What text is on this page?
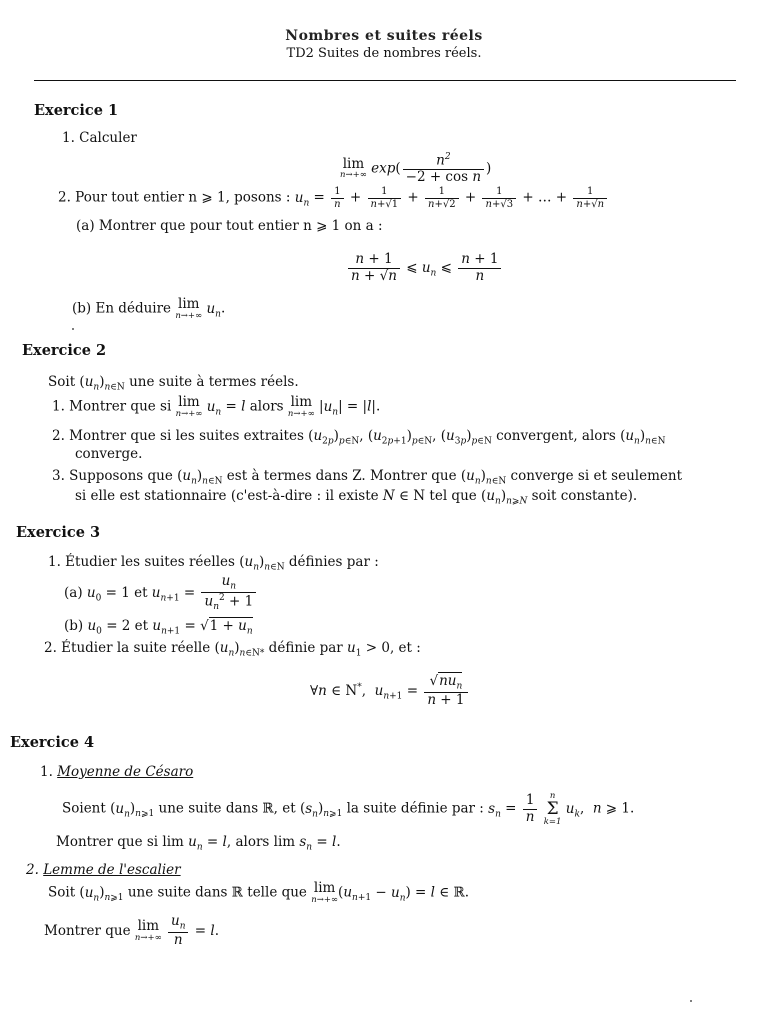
Nombres et suites réels
TD2 Suites de nombres réels.
Exercice 1
1. Calculer
lim
n→+∞ $\exp( \frac{n^2}{\text{−2 + cos n}}$ )
2. Pour tout entier n ⩾ 1, posons : $u_n = \frac{1}{n} + \frac{1}{n+√1} + \frac{1}{n+√2} + \frac{1}{n+√3}$ + … + $\frac{1}{n+√n}$
(a) Montrer que pour tout entier n ⩾ 1 on a :
$\frac{n + 1}{n + √n}$ ⩽ $u_n$ ⩽ $\frac{n + 1}{n}$
(b) En déduire lim
n→+∞ $u_n$.
Exercice 2
Soit $(u_n)_{n\in N}$ une suite à termes réels.
1. Montrer que si lim
n→+∞ $u_n = l$ alors lim
n→+∞ $|u_n| = |l|$.
2. Montrer que si les suites extraites $(u_{2p})_{p\in N}$, $(u_{2p+1})_{p\in N}$, $(u_{3p})_{p\in N}$ convergent, alors $(u_n)_{n\in N}$
converge.
3. Supposons que $(u_n)_{n\in N}$ est à termes dans Z. Montrer que $(u_n)_{n\in N}$ converge si et seulement
si elle est stationnaire (c'est-à-dire : il existe N ∈ N tel que $(u_n)_{n⩾N}$ soit constante).
Exercice 3
1. Étudier les suites réelles $(u_n)_{n\in N}$ définies par :
(a) $u_0 = 1$ et $u_{n+1} = \frac{u_n}{u_n^2 + 1}$
(b) $u_0 = 2$ et $u_{n+1} = √1 + u_n$
2. Étudier la suite réelle $(u_n)_{n\in N*}$ définie par $u_1 > 0$, et :
∀n ∈ N*,  $u_{n+1} = \frac{√nu_n}{n + 1}$
Exercice 4
1. Moyenne de Césaro
Soient $(u_n)_{n⩾1}$ une suite dans ℝ, et $(s_n)_{n⩾1}$ la suite définie par : $s_n = \frac{1}{n}$
	n
Σ
k=1
$u_k$,  n ⩾ 1.
Montrer que si $\lim u_n = l$, alors $\lim s_n = l$.
2. Lemme de l'escalier
Soit $(u_n)_{n⩾1}$ une suite dans ℝ telle que lim
n→+∞ $(u_{n+1} - u_n) = l$ ∈ ℝ.
Montrer que lim
n→+∞
$\frac{u_n}{n} = l$.
